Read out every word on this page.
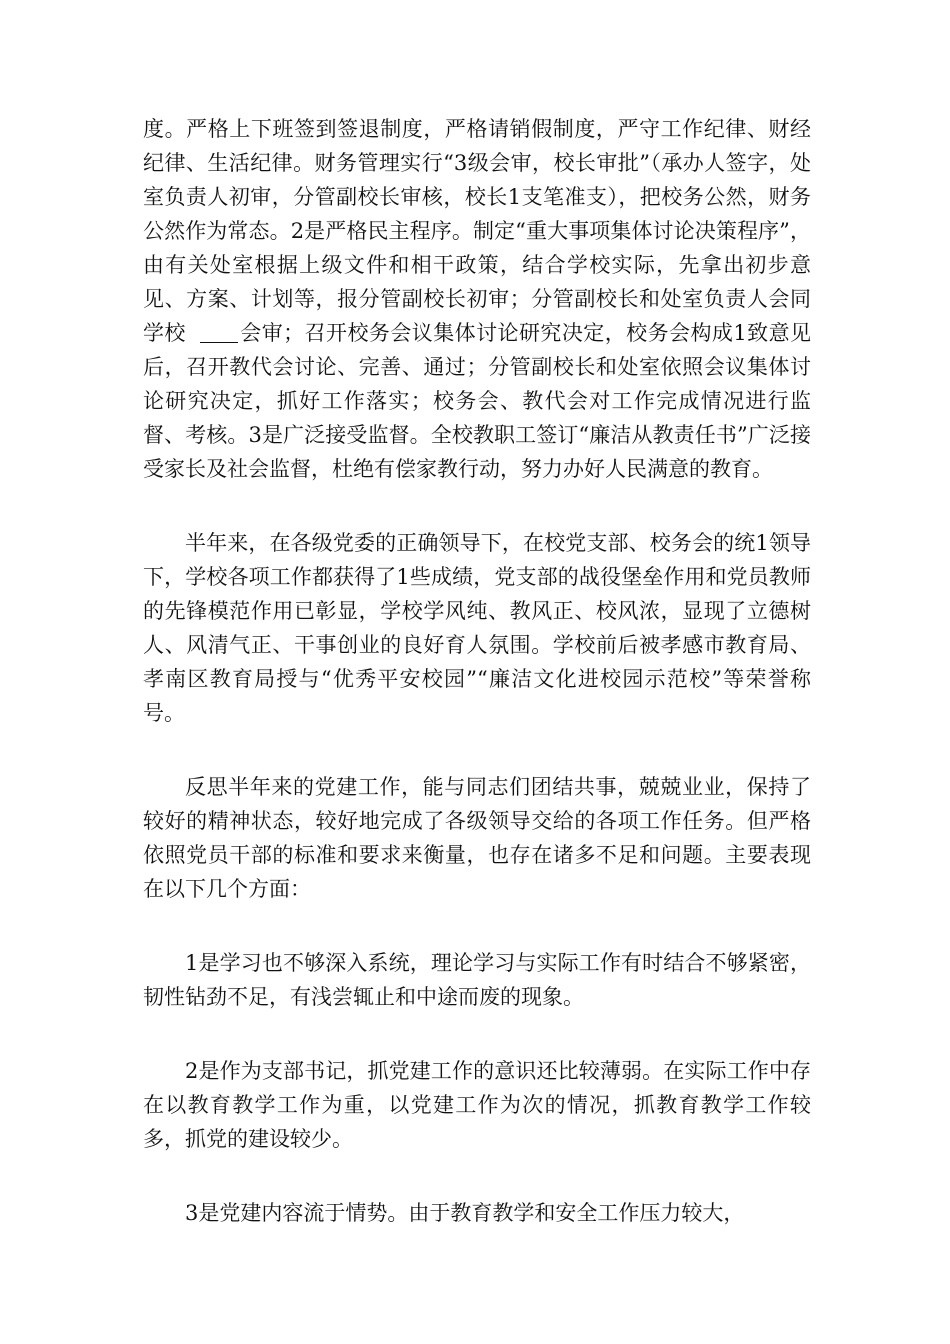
度。严格上下班签到签退制度，严格请销假制度，严守工作纪律、财经纪律、生活纪律。财务管理实行“3级会审，校长审批”（承办人签字，处室负责人初审，分管副校长审核，校长1支笔准支），把校务公然，财务公然作为常态。2是严格民主程序。制定“重大事项集体讨论决策程序”，由有关处室根据上级文件和相干政策，结合学校实际，先拿出初步意见、方案、计划等，报分管副校长初审；分管副校长和处室负责人会同学校	会审；召开校务会议集体讨论研究决定，校务会构成1致意见后，召开教代会讨论、完善、通过；分管副校长和处室依照会议集体讨论研究决定，抓好工作落实；校务会、教代会对工作完成情况进行监督、考核。3是广泛接受监督。全校教职工签订“廉洁从教责任书”广泛接受家长及社会监督，杜绝有偿家教行动，努力办好人民满意的教育。

半年来，在各级党委的正确领导下，在校党支部、校务会的统1领导下，学校各项工作都获得了1些成绩，党支部的战役堡垒作用和党员教师的先锋模范作用已彰显，学校学风纯、教风正、校风浓，显现了立德树人、风清气正、干事创业的良好育人氛围。学校前后被孝感市教育局、孝南区教育局授与“优秀平安校园”“廉洁文化进校园示范校”等荣誉称号。

反思半年来的党建工作，能与同志们团结共事，兢兢业业，保持了较好的精神状态，较好地完成了各级领导交给的各项工作任务。但严格依照党员干部的标准和要求来衡量，也存在诸多不足和问题。主要表现在以下几个方面：

1是学习也不够深入系统，理论学习与实际工作有时结合不够紧密，韧性钻劲不足，有浅尝辄止和中途而废的现象。

2是作为支部书记，抓党建工作的意识还比较薄弱。在实际工作中存在以教育教学工作为重，以党建工作为次的情况，抓教育教学工作较多，抓党的建设较少。

3是党建内容流于情势。由于教育教学和安全工作压力较大，
